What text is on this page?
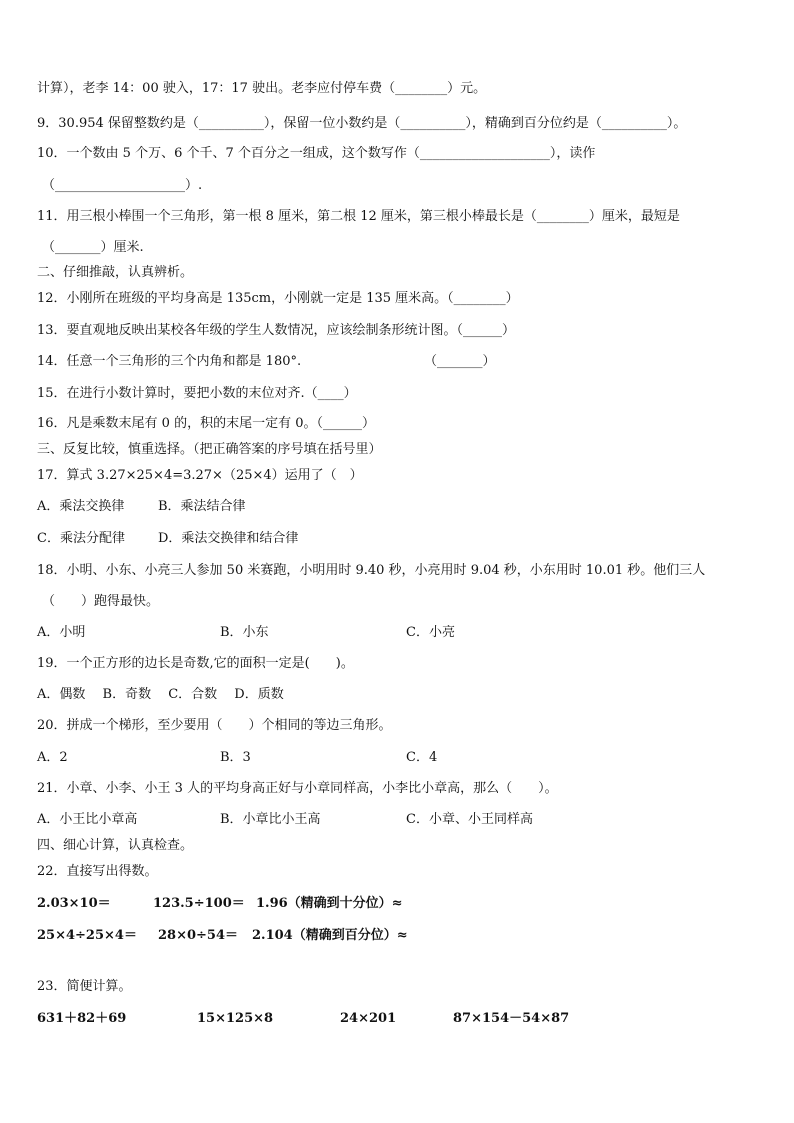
计算），老李 14：00 驶入，17：17 驶出。老李应付停车费（________）元。
9．30.954 保留整数约是（__________），保留一位小数约是（__________），精确到百分位约是（__________）。
10．一个数由 5 个万、6 个千、7 个百分之一组成，这个数写作（____________________），读作
（____________________）.
11．用三根小棒围一个三角形，第一根 8 厘米，第二根 12 厘米，第三根小棒最长是（________）厘米，最短是
（_______）厘米.
二、仔细推敲，认真辨析。
12．小刚所在班级的平均身高是 135cm，小刚就一定是 135 厘米高。（________）
13．要直观地反映出某校各年级的学生人数情况，应该绘制条形统计图。（______）
14．任意一个三角形的三个内角和都是 180°.	（_______）
15．在进行小数计算时，要把小数的末位对齐.（____）
16．凡是乘数末尾有 0 的，积的末尾一定有 0。（______）
三、反复比较，慎重选择。（把正确答案的序号填在括号里）
17．算式 3.27×25×4=3.27×（25×4）运用了（　）
A．乘法交换律	B．乘法结合律
C．乘法分配律	D．乘法交换律和结合律
18．小明、小东、小亮三人参加 50 米赛跑，小明用时 9.40 秒，小亮用时 9.04 秒，小东用时 10.01 秒。他们三人
（　　）跑得最快。
A．小明	B．小东	C．小亮
19．一个正方形的边长是奇数,它的面积一定是(　　)。
A．偶数　 B．奇数　 C．合数　 D．质数
20．拼成一个梯形，至少要用（　　）个相同的等边三角形。
A．2	B．3	C．4
21．小章、小李、小王 3 人的平均身高正好与小章同样高，小李比小章高，那么（　　）。
A．小王比小章高	B．小章比小王高	C．小章、小王同样高
四、细心计算，认真检查。
22．直接写出得数。
2.03×10＝	123.5÷100＝ 1.96（精确到十分位）≈
25×4÷25×4＝ 28×0÷54＝ 2.104（精确到百分位）≈
23．简便计算。
631＋82＋69	15×125×8	24×201	87×154－54×87
